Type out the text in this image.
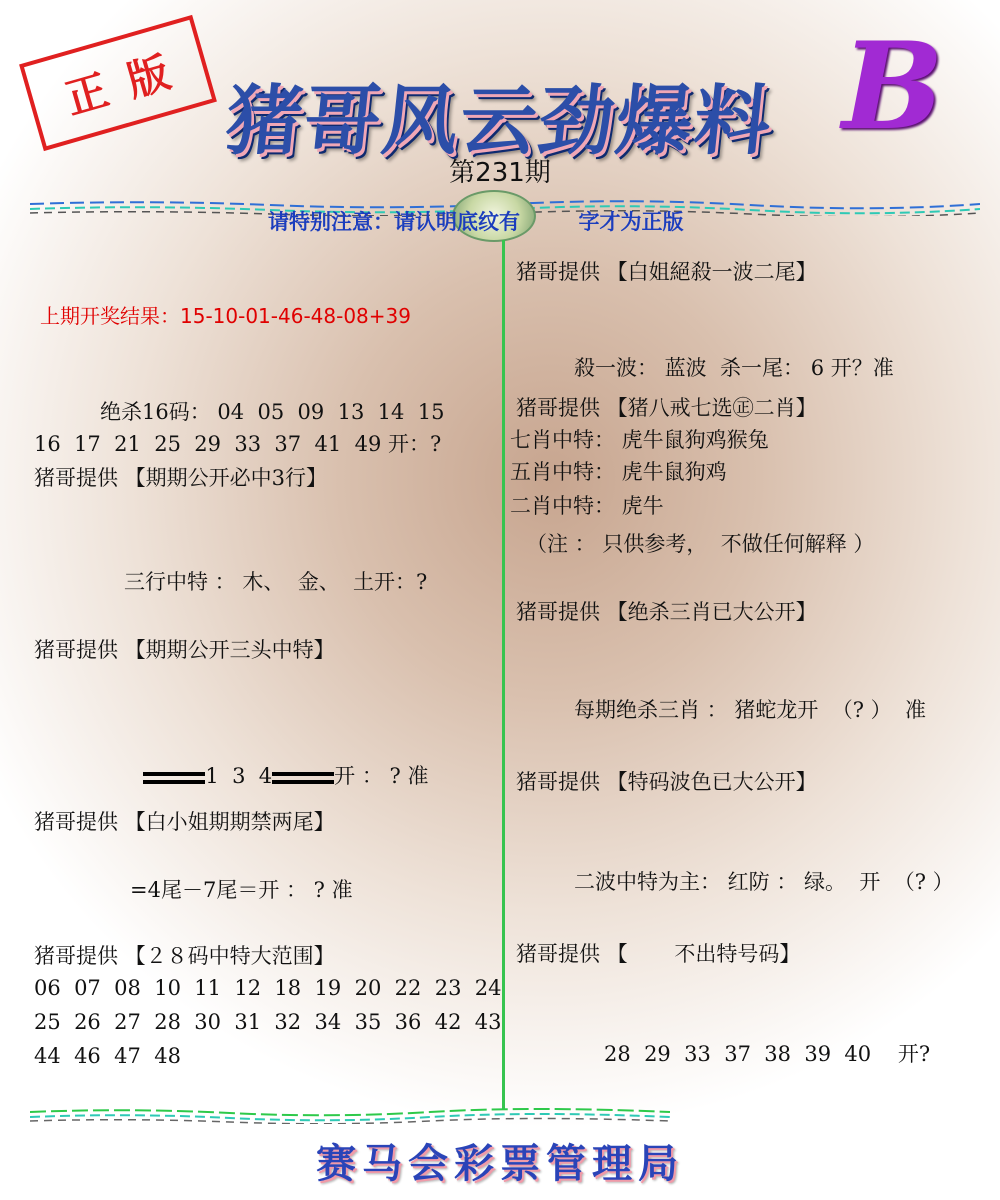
正版 猪哥风云劲爆料 B
第231期
请特别注意：请认明底纹有        字才为正版
上期开奖结果：15-10-01-46-48-08+39
绝杀16码： 04  05  09  13  14  15
16  17  21  25  29  33  37  41  49 开：?
猪哥提供 【期期公开必中3行】
三行中特 ： 木、  金、  土开：?
猪哥提供 【期期公开三头中特】

1  3  4	开 ： ? 准

猪哥提供 【白小姐期期禁两尾】
=4尾－7尾＝开 ： ? 准
猪哥提供 【２８码中特大范围】
06  07  08  10  11  12  18  19  20  22  23  24
25  26  27  28  30  31  32  34  35  36  42  43
44  46  47  48
猪哥提供 【白姐絕殺一波二尾】
殺一波： 蓝波  杀一尾： 6 开？准
猪哥提供 【猪八戒七选㊣二肖】
七肖中特： 虎牛鼠狗鸡猴兔
五肖中特： 虎牛鼠狗鸡
二肖中特： 虎牛
（注 ： 只供参考，  不做任何解释 ）
猪哥提供 【绝杀三肖已大公开】
每期绝杀三肖 ： 猪蛇龙开  （? ）  准
猪哥提供 【特码波色已大公开】
二波中特为主： 红防 ： 绿。  开  （? ）
猪哥提供 【       不出特号码】
28  29  33  37  38  39  40    开?
赛马会彩票管理局
